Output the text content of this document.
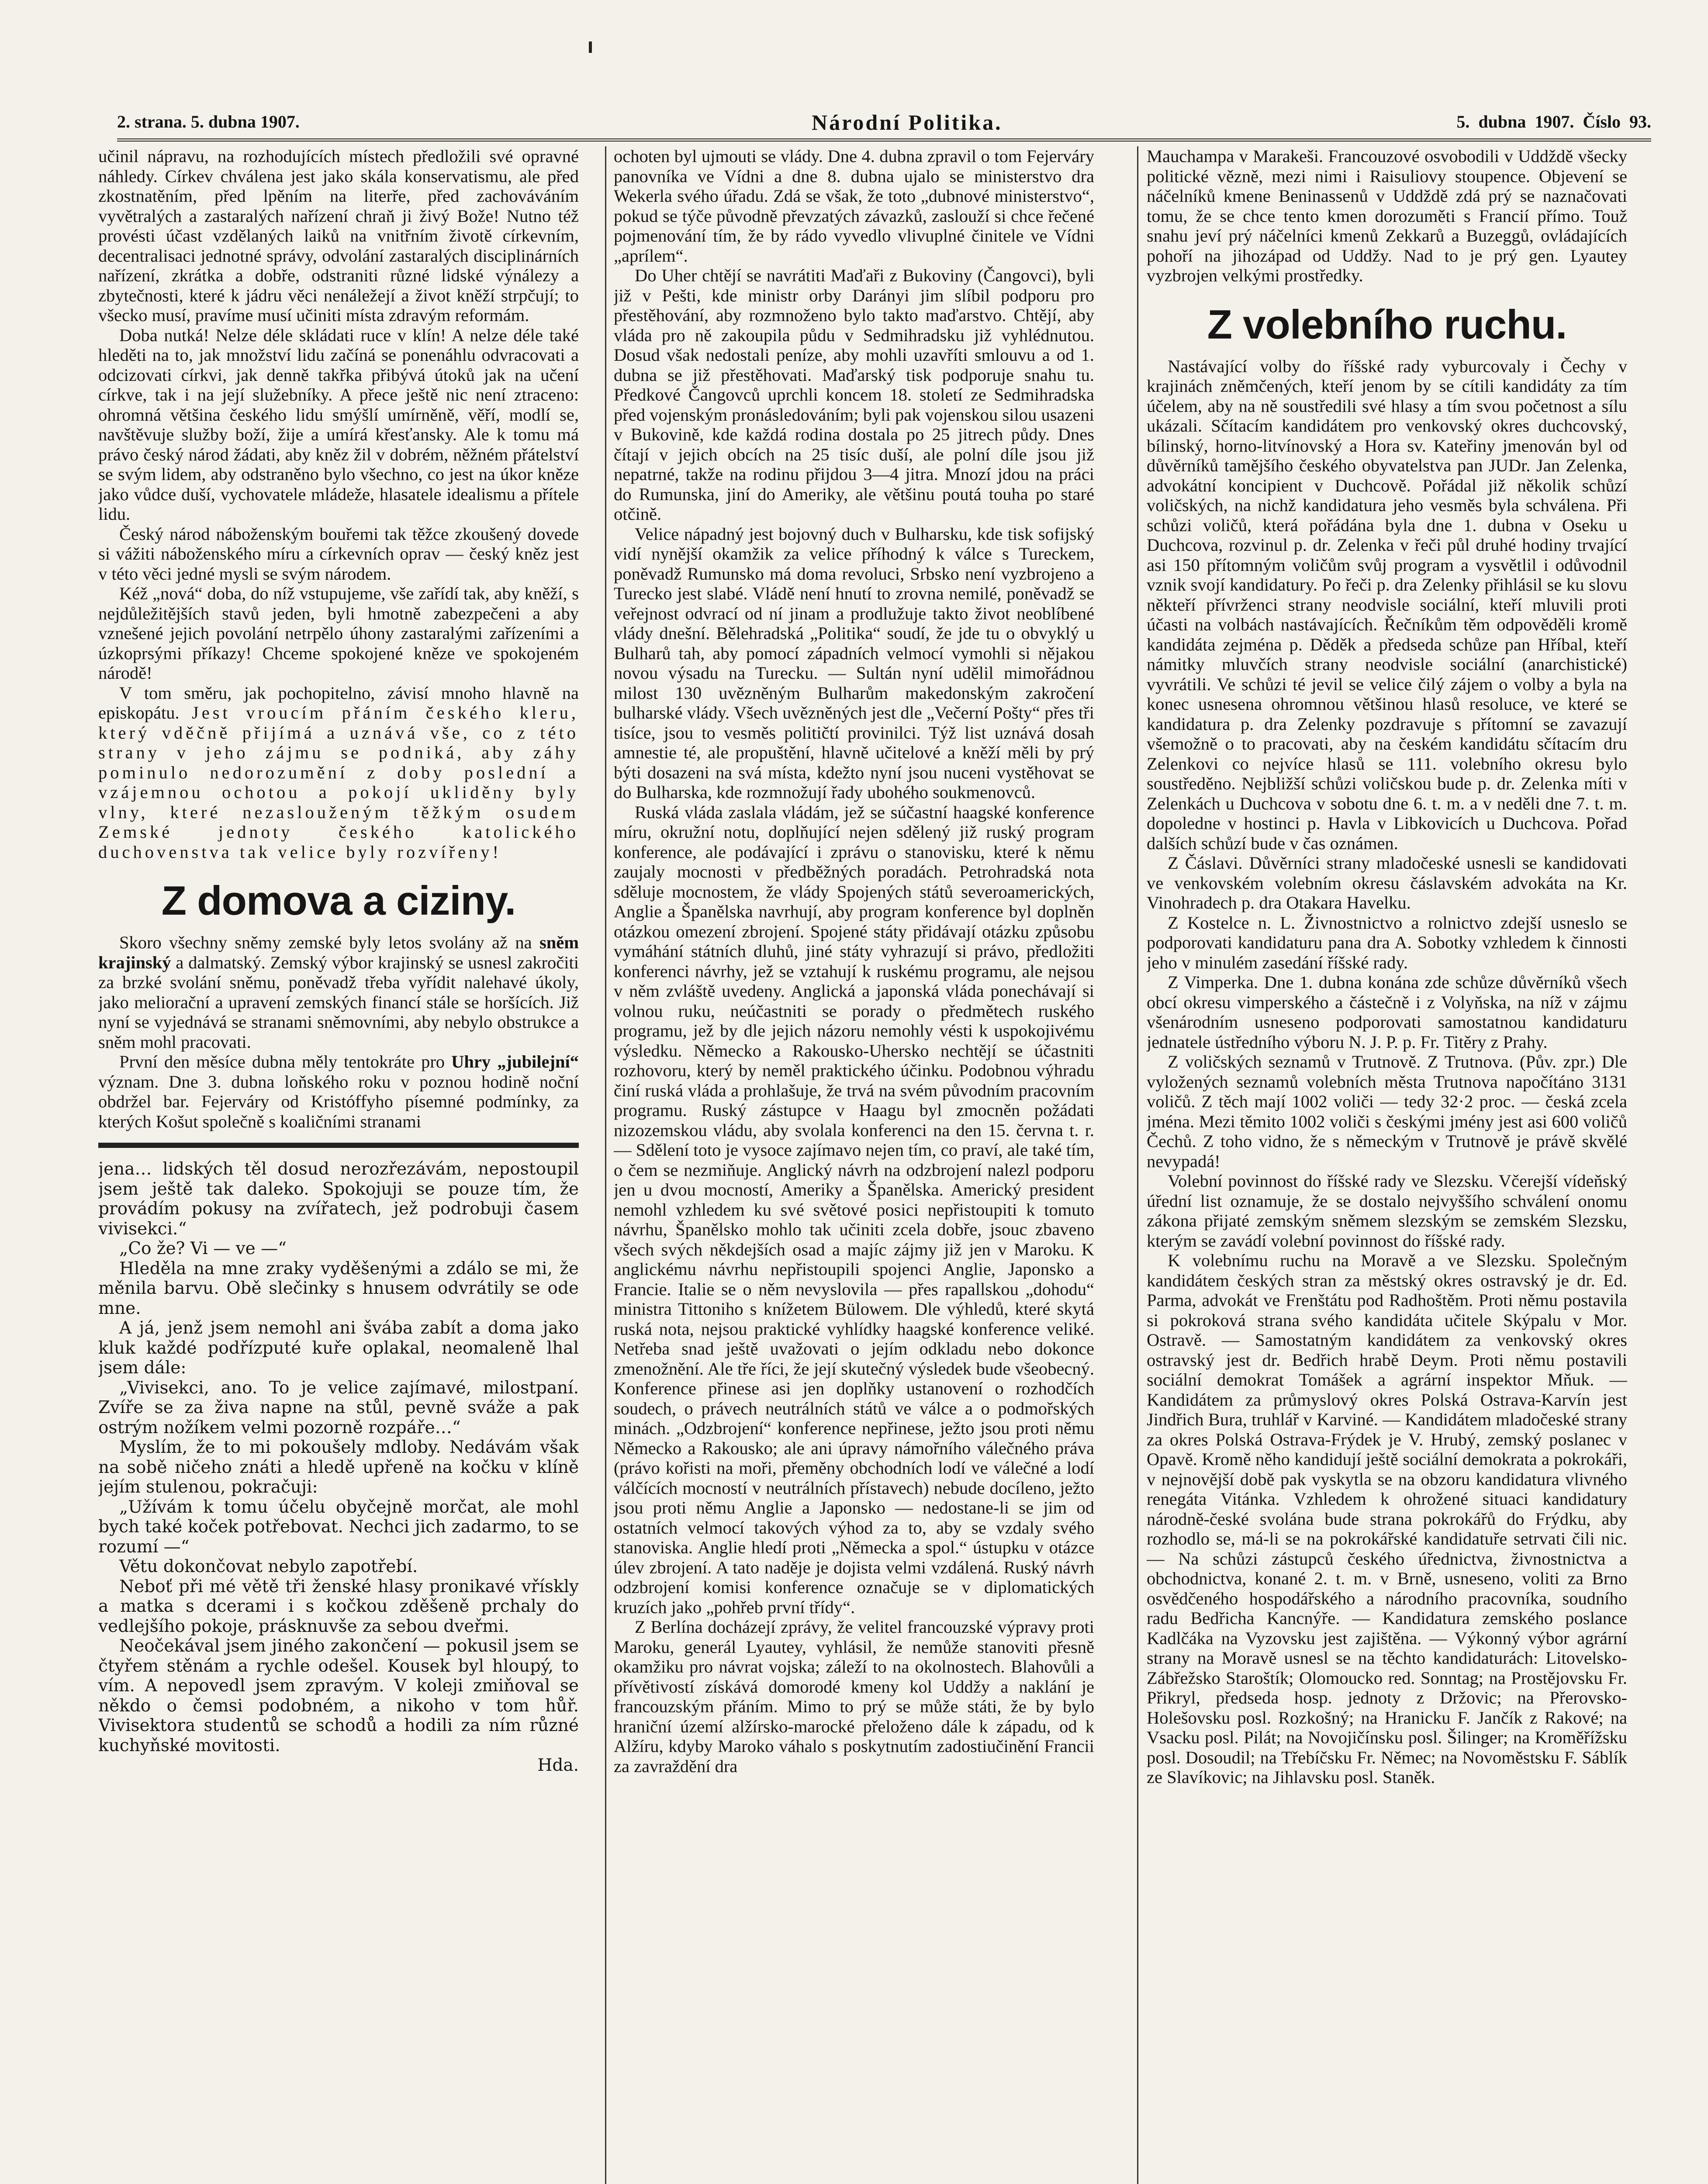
2. strana. 5. dubna 1907.	Národní Politika.	5. dubna 1907. Číslo 93.

učinil nápravu, na rozhodujících místech předložili své opravné náhledy. Církev chválena jest jako skála konservatismu, ale před zkostnatěním, před lpěním na literře, před zachováváním vyvětralých a zastaralých nařízení chraň ji živý Bože! Nutno též provésti účast vzdělaných laiků na vnitřním životě církevním, decentralisaci jednotné správy, odvolání zastaralých disciplinárních nařízení, zkrátka a dobře, odstraniti různé lidské výnálezy a zbytečnosti, které k jádru věci nenáležejí a život kněží strpčují; to všecko musí, pravíme musí učiniti místa zdravým reformám.

Doba nutká! Nelze déle skládati ruce v klín! A nelze déle také hleděti na to, jak množství lidu začíná se ponenáhlu odvracovati a odcizovati církvi, jak denně takřka přibývá útoků jak na učení církve, tak i na její služebníky. A přece ještě nic není ztraceno: ohromná většina českého lidu smýšlí umírněně, věří, modlí se, navštěvuje služby boží, žije a umírá křesťansky. Ale k tomu má právo český národ žádati, aby kněz žil v dobrém, něžném přátelství se svým lidem, aby odstraněno bylo všechno, co jest na úkor kněze jako vůdce duší, vychovatele mládeže, hlasatele idealismu a přítele lidu.

Český národ náboženským bouřemi tak těžce zkoušený dovede si vážiti náboženského míru a církevních oprav — český kněz jest v této věci jedné mysli se svým národem.

Kéž „nová“ doba, do níž vstupujeme, vše zařídí tak, aby kněží, s nejdůležitějších stavů jeden, byli hmotně zabezpečeni a aby vznešené jejich povolání netrpělo úhony zastaralými zařízeními a úzkoprsými příkazy! Chceme spokojené kněze ve spokojeném národě!

V tom směru, jak pochopitelno, závisí mnoho hlavně na episkopátu. Jest vroucím přáním českého kleru, který vděčně přijímá a uznává vše, co z této strany v jeho zájmu se podniká, aby záhy pominulo nedorozumění z doby poslední a vzájemnou ochotou a pokojí ukliděny byly vlny, které nezaslouženým těžkým osudem Zemské jednoty českého katolického duchovenstva tak velice byly rozvířeny!

Z domova a ciziny.

Skoro všechny sněmy zemské byly letos svolány až na sněm krajinský a dalmatský. Zemský výbor krajinský se usnesl zakročiti za brzké svolání sněmu, poněvadž třeba vyřídit nalehavé úkoly, jako meliorační a upravení zemských financí stále se horšících. Již nyní se vyjednává se stranami sněmovními, aby nebylo obstrukce a sněm mohl pracovati.

První den měsíce dubna měly tentokráte pro Uhry „jubilejní“ význam. Dne 3. dubna loňského roku v poznou hodině noční obdržel bar. Fejerváry od Kristóffyho písemné podmínky, za kterých Košut společně s koaličními stranami

jena… lidských těl dosud nerozřezávám, nepostoupil jsem ještě tak daleko. Spokojuji se pouze tím, že provádím pokusy na zvířatech, jež podrobuji časem vivisekci.“

„Co že? Vi — ve —“

Hleděla na mne zraky vyděšenými a zdálo se mi, že měnila barvu. Obě slečinky s hnusem odvrátily se ode mne.

A já, jenž jsem nemohl ani švába zabít a doma jako kluk každé podřízputé kuře oplakal, neomaleně lhal jsem dále:

„Vivisekci, ano. To je velice zajímavé, milostpaní. Zvíře se za živa napne na stůl, pevně sváže a pak ostrým nožíkem velmi pozorně rozpáře…“

Myslím, že to mi pokoušely mdloby. Nedávám však na sobě ničeho znáti a hledě upřeně na kočku v klíně jejím stulenou, pokračuji:

„Užívám k tomu účelu obyčejně morčat, ale mohl bych také koček potřebovat. Nechci jich zadarmo, to se rozumí —“

Větu dokončovat nebylo zapotřebí.

Neboť při mé větě tři ženské hlasy pronikavé vřískly a matka s dcerami i s kočkou zděšeně prchaly do vedlejšího pokoje, prásknuvše za sebou dveřmi.

Neočekával jsem jiného zakončení — pokusil jsem se čtyřem stěnám a rychle odešel. Kousek byl hloupý, to vím. A nepovedl jsem zpravým. V koleji zmiňoval se někdo o čemsi podobném, a nikoho v tom hůř. Vivisektora studentů se schodů a hodili za ním různé kuchyňské movitosti.

Hda.

ochoten byl ujmouti se vlády. Dne 4. dubna zpravil o tom Fejerváry panovníka ve Vídni a dne 8. dubna ujalo se ministerstvo dra Wekerla svého úřadu. Zdá se však, že toto „dubnové ministerstvo“, pokud se týče původně převzatých závazků, zaslouží si chce řečené pojmenování tím, že by rádo vyvedlo vlivuplné činitele ve Vídni „aprílem“.

Do Uher chtějí se navrátiti Maďaři z Bukoviny (Čangovci), byli již v Pešti, kde ministr orby Darányi jim slíbil podporu pro přestěhování, aby rozmnoženo bylo takto maďarstvo. Chtějí, aby vláda pro ně zakoupila půdu v Sedmihradsku již vyhlédnutou. Dosud však nedostali peníze, aby mohli uzavříti smlouvu a od 1. dubna se již přestěhovati. Maďarský tisk podporuje snahu tu. Předkové Čangovců uprchli koncem 18. století ze Sedmihradska před vojenským pronásledováním; byli pak vojenskou silou usazeni v Bukovině, kde každá rodina dostala po 25 jitrech půdy. Dnes čítají v jejich obcích na 25 tisíc duší, ale polní díle jsou již nepatrné, takže na rodinu přijdou 3—4 jitra. Mnozí jdou na práci do Rumunska, jiní do Ameriky, ale většinu poutá touha po staré otčině.

Velice nápadný jest bojovný duch v Bulharsku, kde tisk sofijský vidí nynější okamžik za velice příhodný k válce s Tureckem, poněvadž Rumunsko má doma revoluci, Srbsko není vyzbrojeno a Turecko jest slabé. Vládě není hnutí to zrovna nemilé, poněvadž se veřejnost odvrací od ní jinam a prodlužuje takto život neoblíbené vlády dnešní. Bělehradská „Politika“ soudí, že jde tu o obvyklý u Bulharů tah, aby pomocí západních velmocí vymohli si nějakou novou výsadu na Turecku. — Sultán nyní udělil mimořádnou milost 130 uvězněným Bulharům makedonským zakročení bulharské vlády. Všech uvězněných jest dle „Večerní Pošty“ přes tři tisíce, jsou to vesměs političtí provinilci. Týž list uznává dosah amnestie té, ale propuštění, hlavně učitelové a kněží měli by prý býti dosazeni na svá místa, kdežto nyní jsou nuceni vystěhovat se do Bulharska, kde rozmnožují řady ubohého soukmenovců.

Ruská vláda zaslala vládám, jež se súčastní haagské konference míru, okružní notu, doplňující nejen sdělený již ruský program konference, ale podávající i zprávu o stanovisku, které k němu zaujaly mocnosti v předběžných poradách. Petrohradská nota sděluje mocnostem, že vlády Spojených států severoamerických, Anglie a Španělska navrhují, aby program konference byl doplněn otázkou omezení zbrojení. Spojené státy přidávají otázku způsobu vymáhání státních dluhů, jiné státy vyhrazují si právo, předložiti konferenci návrhy, jež se vztahují k ruskému programu, ale nejsou v něm zvláště uvedeny. Anglická a japonská vláda ponechávají si volnou ruku, neúčastniti se porady o předmětech ruského programu, jež by dle jejich názoru nemohly vésti k uspokojivému výsledku. Německo a Rakousko-Uhersko nechtějí se účastniti rozhovoru, který by neměl praktického účinku. Podobnou výhradu činí ruská vláda a prohlašuje, že trvá na svém původním pracovním programu. Ruský zástupce v Haagu byl zmocněn požádati nizozemskou vládu, aby svolala konferenci na den 15. června t. r. — Sdělení toto je vysoce zajímavo nejen tím, co praví, ale také tím, o čem se nezmiňuje. Anglický návrh na odzbrojení nalezl podporu jen u dvou mocností, Ameriky a Španělska. Americký president nemohl vzhledem ku své světové posici nepřistoupiti k tomuto návrhu, Španělsko mohlo tak učiniti zcela dobře, jsouc zbaveno všech svých někdejších osad a majíc zájmy již jen v Maroku. K anglickému návrhu nepřistoupili spojenci Anglie, Japonsko a Francie. Italie se o něm nevyslovila — přes rapallskou „dohodu“ ministra Tittoniho s knížetem Bülowem. Dle výhledů, které skytá ruská nota, nejsou praktické vyhlídky haagské konference veliké. Netřeba snad ještě uvažovati o jejím odkladu nebo dokonce zmenožnění. Ale tře říci, že její skutečný výsledek bude všeobecný. Konference přinese asi jen doplňky ustanovení o rozhodčích soudech, o právech neutrálních států ve válce a o podmořských minách. „Odzbrojení“ konference nepřinese, ježto jsou proti němu Německo a Rakousko; ale ani úpravy námořního válečného práva (právo kořisti na moři, přeměny obchodních lodí ve válečné a lodí válčících mocností v neutrálních přístavech) nebude docíleno, ježto jsou proti němu Anglie a Japonsko — nedostane-li se jim od ostatních velmocí takových výhod za to, aby se vzdaly svého stanoviska. Anglie hledí proti „Německa a spol.“ ústupku v otázce úlev zbrojení. A tato naděje je dojista velmi vzdálená. Ruský návrh odzbrojení komisi konference označuje se v diplomatických kruzích jako „pohřeb první třídy“.

Z Berlína docházejí zprávy, že velitel francouzské výpravy proti Maroku, generál Lyautey, vyhlásil, že nemůže stanoviti přesně okamžiku pro návrat vojska; záleží to na okolnostech. Blahovůli a přívětivostí získává domorodé kmeny kol Uddžy a naklání je francouzským přáním. Mimo to prý se může státi, že by bylo hraniční území alžírsko-marocké přeloženo dále k západu, od k Alžíru, kdyby Maroko váhalo s poskytnutím zadostiučinění Francii za zavraždění dra

Mauchampa v Marakeši. Francouzové osvobodili v Uddždě všecky politické vězně, mezi nimi i Raisuliovy stoupence. Objevení se náčelníků kmene Beninassenů v Uddždě zdá prý se naznačovati tomu, že se chce tento kmen dorozuměti s Francií přímo. Touž snahu jeví prý náčelníci kmenů Zekkarů a Buzeggů, ovládajících pohoří na jihozápad od Uddžy. Nad to je prý gen. Lyautey vyzbrojen velkými prostředky.

Z volebního ruchu.

Nastávající volby do říšské rady vyburcovaly i Čechy v krajinách zněmčených, kteří jenom by se cítili kandidáty za tím účelem, aby na ně soustředili své hlasy a tím svou početnost a sílu ukázali. Sčítacím kandidátem pro venkovský okres duchcovský, bílinský, horno-litvínovský a Hora sv. Kateřiny jmenován byl od důvěrníků tamějšího českého obyvatelstva pan JUDr. Jan Zelenka, advokátní koncipient v Duchcově. Pořádal již několik schůzí voličských, na nichž kandidatura jeho vesměs byla schválena. Při schůzi voličů, která pořádána byla dne 1. dubna v Oseku u Duchcova, rozvinul p. dr. Zelenka v řeči půl druhé hodiny trvající asi 150 přítomným voličům svůj program a vysvětlil i odůvodnil vznik svojí kandidatury. Po řeči p. dra Zelenky přihlásil se ku slovu někteří přívrženci strany neodvisle sociální, kteří mluvili proti účasti na volbách nastávajících. Řečníkům těm odpověděli kromě kandidáta zejména p. Děděk a předseda schůze pan Hříbal, kteří námitky mluvčích strany neodvisle sociální (anarchistické) vyvrátili. Ve schůzi té jevil se velice čilý zájem o volby a byla na konec usnesena ohromnou většinou hlasů resoluce, ve které se kandidatura p. dra Zelenky pozdravuje s přítomní se zavazují všemožně o to pracovati, aby na českém kandidátu sčítacím dru Zelenkovi co nejvíce hlasů se 111. volebního okresu bylo soustředěno. Nejbližší schůzi voličskou bude p. dr. Zelenka míti v Zelenkách u Duchcova v sobotu dne 6. t. m. a v neděli dne 7. t. m. dopoledne v hostinci p. Havla v Libkovicích u Duchcova. Pořad dalších schůzí bude v čas oznámen.

Z Čáslavi. Důvěrníci strany mladočeské usnesli se kandidovati ve venkovském volebním okresu čáslavském advokáta na Kr. Vinohradech p. dra Otakara Havelku.

Z Kostelce n. L. Živnostnictvo a rolnictvo zdejší usneslo se podporovati kandidaturu pana dra A. Sobotky vzhledem k činnosti jeho v minulém zasedání říšské rady.

Z Vimperka. Dne 1. dubna konána zde schůze důvěrníků všech obcí okresu vimperského a částečně i z Volyňska, na níž v zájmu všenárodním usneseno podporovati samostatnou kandidaturu jednatele ústředního výboru N. J. P. p. Fr. Titěry z Prahy.

Z voličských seznamů v Trutnově. Z Trutnova. (Pův. zpr.) Dle vyložených seznamů volebních města Trutnova napočítáno 3131 voličů. Z těch mají 1002 voliči — tedy 32·2 proc. — česká zcela jména. Mezi těmito 1002 voliči s českými jmény jest asi 600 voličů Čechů. Z toho vidno, že s německým v Trutnově je právě skvělé nevypadá!

Volební povinnost do říšské rady ve Slezsku. Včerejší vídeňský úřední list oznamuje, že se dostalo nejvyššího schválení onomu zákona přijaté zemským sněmem slezským se zemském Slezsku, kterým se zavádí volební povinnost do říšské rady.

K volebnímu ruchu na Moravě a ve Slezsku. Společným kandidátem českých stran za městský okres ostravský je dr. Ed. Parma, advokát ve Frenštátu pod Radhoštěm. Proti němu postavila si pokroková strana svého kandidáta učitele Skýpalu v Mor. Ostravě. — Samostatným kandidátem za venkovský okres ostravský jest dr. Bedřich hrabě Deym. Proti němu postavili sociální demokrat Tomášek a agrární inspektor Mňuk. — Kandidátem za průmyslový okres Polská Ostrava-Karvín jest Jindřich Bura, truhlář v Karviné. — Kandidátem mladočeské strany za okres Polská Ostrava-Frýdek je V. Hrubý, zemský poslanec v Opavě. Kromě něho kandidují ještě sociální demokrata a pokrokáři, v nejnovější době pak vyskytla se na obzoru kandidatura vlivného renegáta Vitánka. Vzhledem k ohrožené situaci kandidatury národně-české svolána bude strana pokrokářů do Frýdku, aby rozhodlo se, má-li se na pokrokářské kandidatuře setrvati čili nic. — Na schůzi zástupců českého úřednictva, živnostnictva a obchodnictva, konané 2. t. m. v Brně, usneseno, voliti za Brno osvědčeného hospodářského a národního pracovníka, soudního radu Bedřicha Kancnýře. — Kandidatura zemského poslance Kadlčáka na Vyzovsku jest zajištěna. — Výkonný výbor agrární strany na Moravě usnesl se na těchto kandidaturách: Litovelsko-Zábřežsko Staroštík; Olomoucko red. Sonntag; na Prostějovsku Fr. Přikryl, předseda hosp. jednoty z Držovic; na Přerovsko-Holešovsku posl. Rozkošný; na Hranicku F. Jančík z Rakové; na Vsacku posl. Pilát; na Novojičínsku posl. Šilinger; na Kroměřížsku posl. Dosoudil; na Třebíčsku Fr. Němec; na Novoměstsku F. Sáblík ze Slavíkovic; na Jihlavsku posl. Staněk.
